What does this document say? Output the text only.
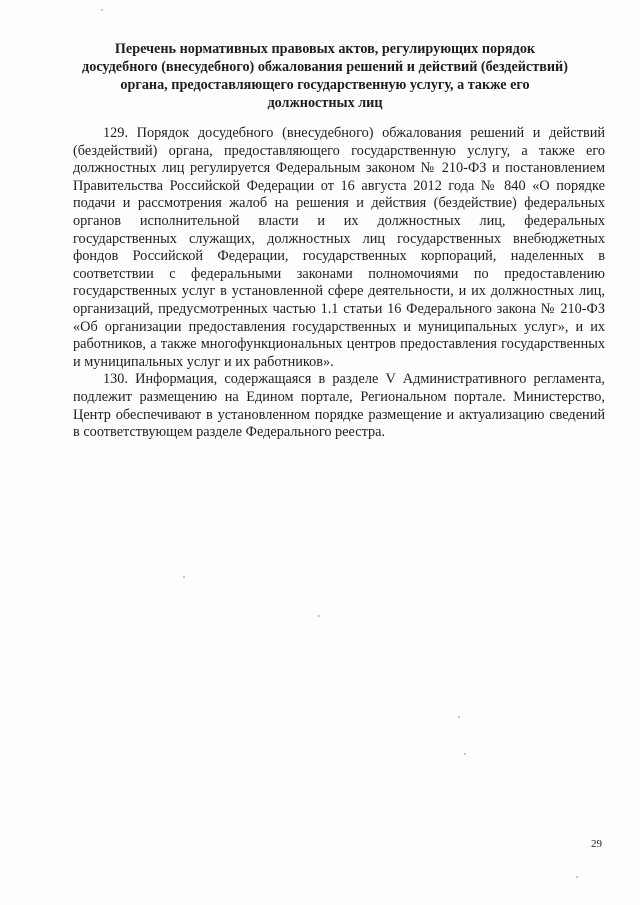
Перечень нормативных правовых актов, регулирующих порядок
досудебного (внесудебного) обжалования решений и действий (бездействий)
органа, предоставляющего государственную услугу, а также его
должностных лиц

129. Порядок досудебного (внесудебного) обжалования решений и действий (бездействий) органа, предоставляющего государственную услугу, а также его должностных лиц регулируется Федеральным законом № 210-ФЗ и постановлением Правительства Российской Федерации от 16 августа 2012 года № 840 «О порядке подачи и рассмотрения жалоб на решения и действия (бездействие) федеральных органов исполнительной власти и их должностных лиц, федеральных государственных служащих, должностных лиц государственных внебюджетных фондов Российской Федерации, государственных корпораций, наделенных в соответствии с федеральными законами полномочиями по предоставлению государственных услуг в установленной сфере деятельности, и их должностных лиц, организаций, предусмотренных частью 1.1 статьи 16 Федерального закона № 210-ФЗ «Об организации предоставления государственных и муниципальных услуг», и их работников, а также многофункциональных центров предоставления государственных и муниципальных услуг и их работников».

130. Информация, содержащаяся в разделе V Административного регламента, подлежит размещению на Едином портале, Региональном портале. Министерство, Центр обеспечивают в установленном порядке размещение и актуализацию сведений в соответствующем разделе Федерального реестра.

29
